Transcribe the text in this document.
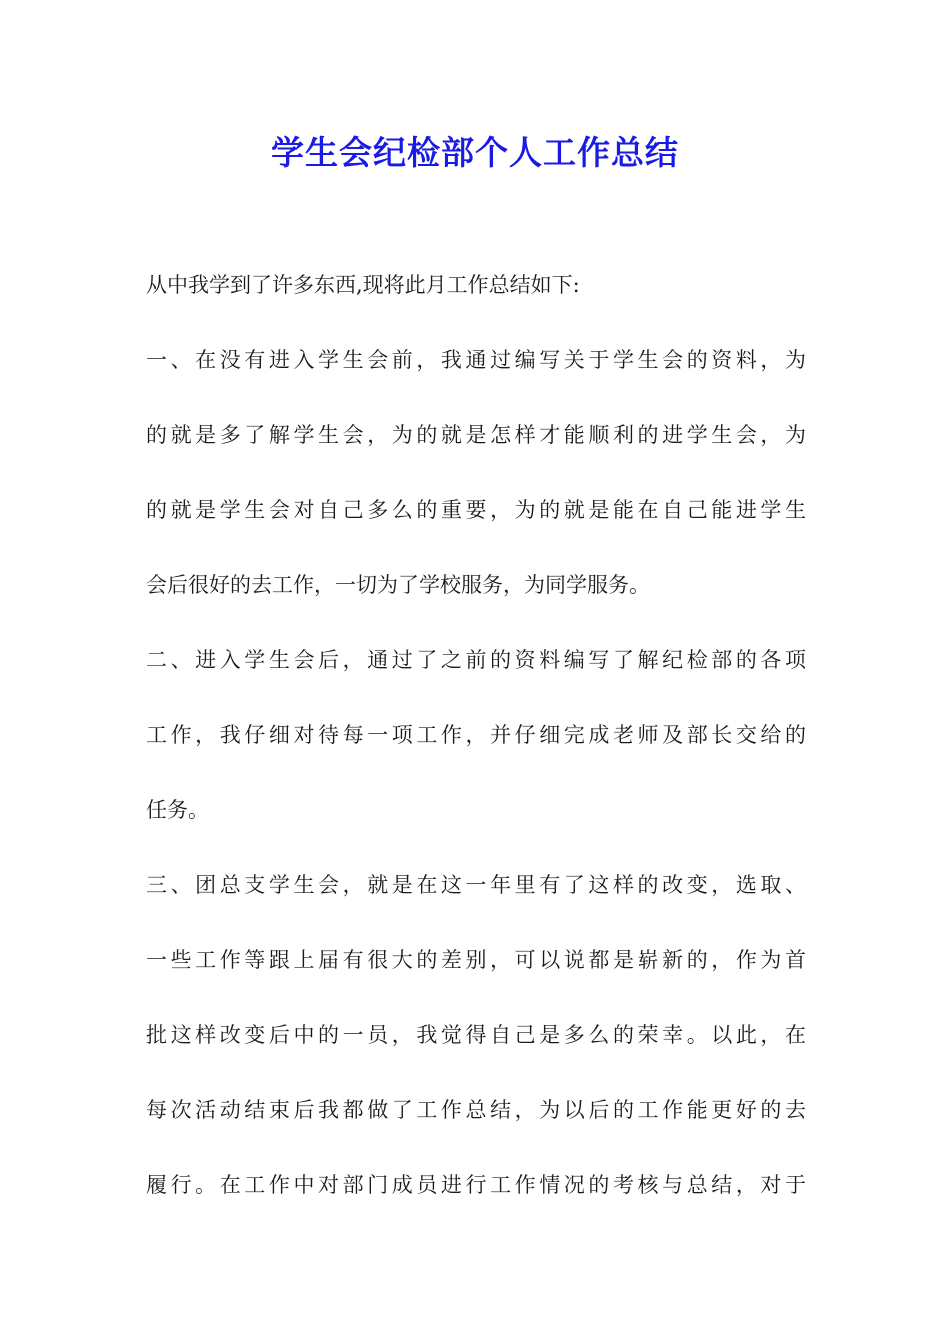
学生会纪检部个人工作总结
从中我学到了许多东西,现将此月工作总结如下:
一、在没有进入学生会前，我通过编写关于学生会的资料，为
的就是多了解学生会，为的就是怎样才能顺利的进学生会，为
的就是学生会对自己多么的重要，为的就是能在自己能进学生
会后很好的去工作，一切为了学校服务，为同学服务。
二、进入学生会后，通过了之前的资料编写了解纪检部的各项
工作，我仔细对待每一项工作，并仔细完成老师及部长交给的
任务。
三、团总支学生会，就是在这一年里有了这样的改变，选取、
一些工作等跟上届有很大的差别，可以说都是崭新的，作为首
批这样改变后中的一员，我觉得自己是多么的荣幸。以此，在
每次活动结束后我都做了工作总结，为以后的工作能更好的去
履行。在工作中对部门成员进行工作情况的考核与总结，对于
